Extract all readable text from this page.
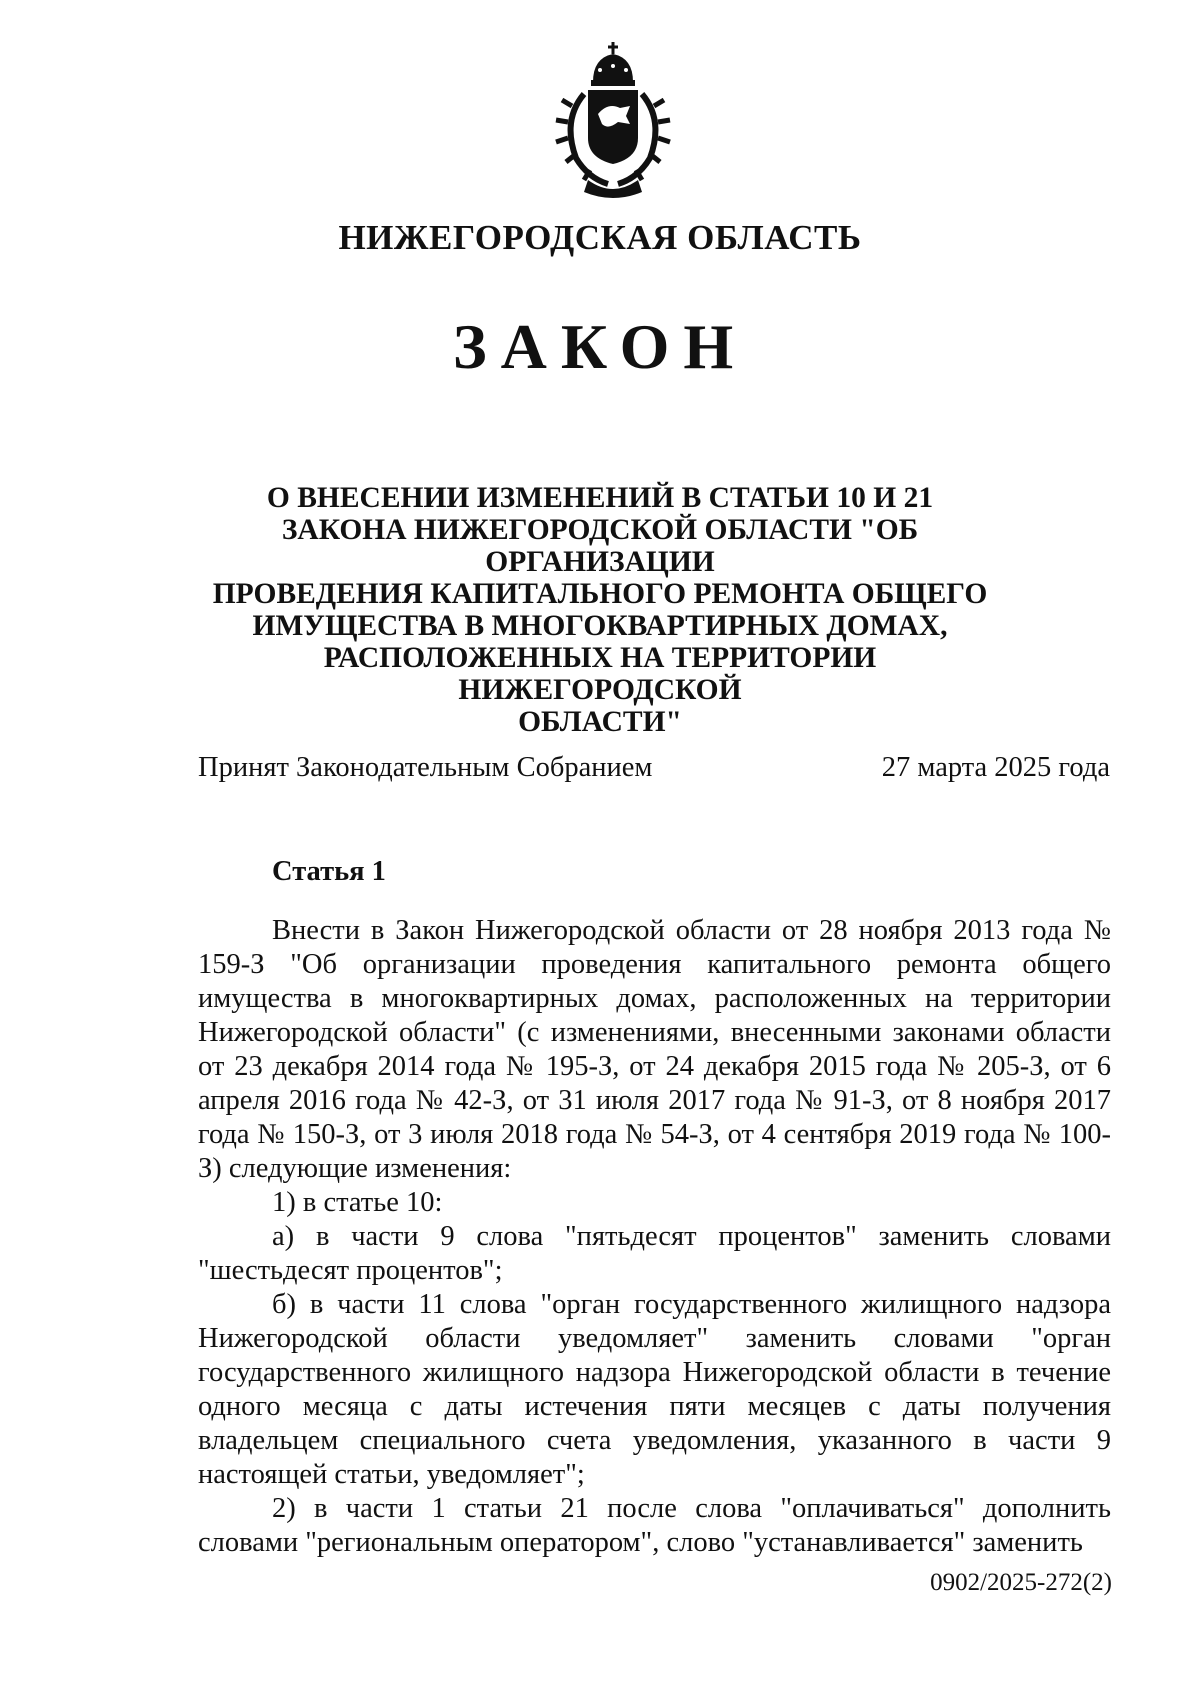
НИЖЕГОРОДСКАЯ ОБЛАСТЬ
ЗАКОН
О ВНЕСЕНИИ ИЗМЕНЕНИЙ В СТАТЬИ 10 И 21
ЗАКОНА НИЖЕГОРОДСКОЙ ОБЛАСТИ "ОБ ОРГАНИЗАЦИИ
ПРОВЕДЕНИЯ КАПИТАЛЬНОГО РЕМОНТА ОБЩЕГО
ИМУЩЕСТВА В МНОГОКВАРТИРНЫХ ДОМАХ,
РАСПОЛОЖЕННЫХ НА ТЕРРИТОРИИ НИЖЕГОРОДСКОЙ
ОБЛАСТИ"
Принят Законодательным Собранием	27 марта 2025 года
Статья 1

Внести в Закон Нижегородской области от 28 ноября 2013 года № 159-З "Об организации проведения капитального ремонта общего имущества в многоквартирных домах, расположенных на территории Нижегородской области" (с изменениями, внесенными законами области от 23 декабря 2014 года № 195-З, от 24 декабря 2015 года № 205-З, от 6 апреля 2016 года № 42-З, от 31 июля 2017 года № 91-З, от 8 ноября 2017 года № 150-З, от 3 июля 2018 года № 54-З, от 4 сентября 2019 года № 100-З) следующие изменения:

1) в статье 10:

а) в части 9 слова "пятьдесят процентов" заменить словами "шестьдесят процентов";

б) в части 11 слова "орган государственного жилищного надзора Нижегородской области уведомляет" заменить словами "орган государственного жилищного надзора Нижегородской области в течение одного месяца с даты истечения пяти месяцев с даты получения владельцем специального счета уведомления, указанного в части 9 настоящей статьи, уведомляет";

2) в части 1 статьи 21 после слова "оплачиваться" дополнить словами "региональным оператором", слово "устанавливается" заменить

0902/2025-272(2)
